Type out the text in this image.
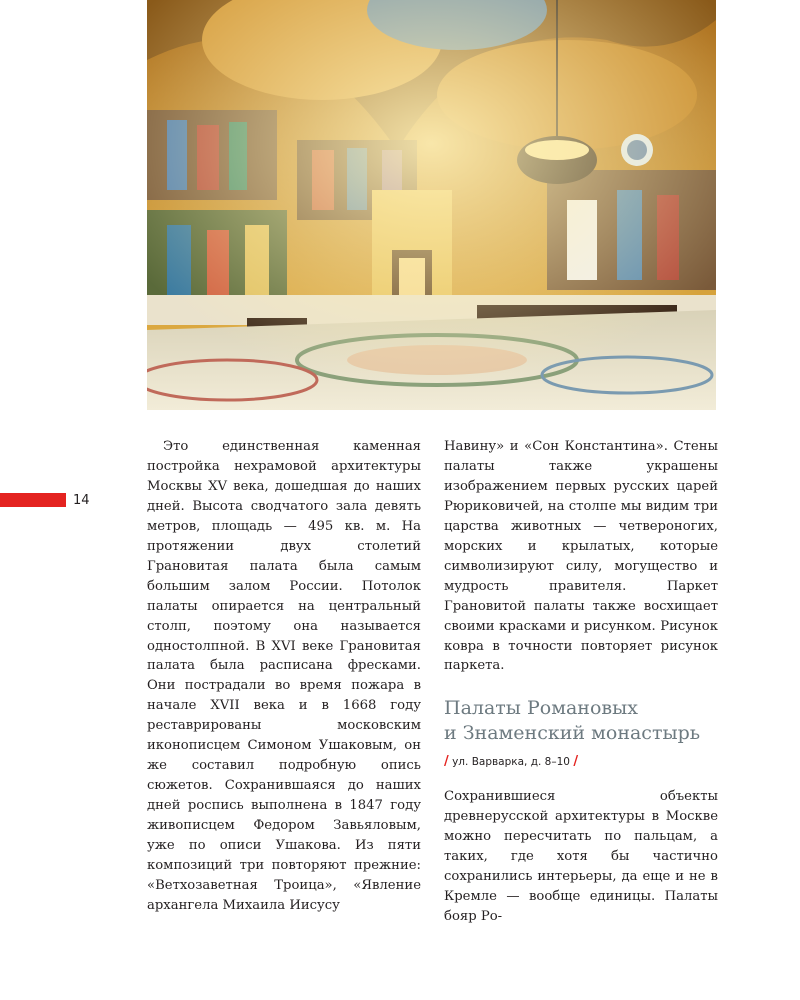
14

Это единственная каменная постройка нехрамовой архитектуры Москвы XV века, дошедшая до наших дней. Высота сводчатого зала девять метров, площадь — 495 кв. м. На протяжении двух столетий Грановитая палата была самым большим залом России. Потолок палаты опирается на центральный столп, поэтому она называется одностолпной. В XVI веке Грановитая палата была расписана фресками. Они пострадали во время пожара в начале XVII века и в 1668 году реставрированы московским иконописцем Симоном Ушаковым, он же составил подробную опись сюжетов. Сохранившаяся до наших дней роспись выполнена в 1847 году живописцем Федором Завьяловым, уже по описи Ушакова. Из пяти композиций три повторяют прежние: «Ветхозаветная Троица», «Явление архангела Михаила Иисусу

Навину» и «Сон Константина». Стены палаты также украшены изображением первых русских царей Рюриковичей, на столпе мы видим три царства животных — четвероногих, морских и крылатых, которые символизируют силу, могущество и мудрость правителя. Паркет Грановитой палаты также восхищает своими красками и рисунком. Рисунок ковра в точности повторяет рисунок паркета.

Палаты Романовых
и Знаменский монастырь
/ ул. Варварка, д. 8–10 /

Сохранившиеся объекты древнерусской архитектуры в Москве можно пересчитать по пальцам, а таких, где хотя бы частично сохранились интерьеры, да еще и не в Кремле — вообще единицы. Палаты бояр Ро-
